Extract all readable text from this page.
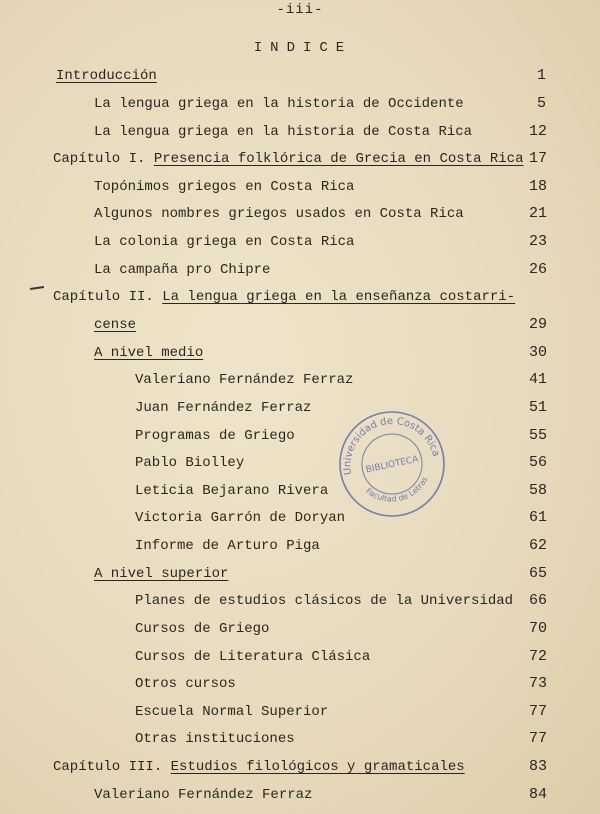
-iii-
INDICE
Introducción	1
La lengua griega en la historia de Occidente	5
La lengua griega en la historia de Costa Rica	12
Capítulo I. Presencia folklórica de Grecia en Costa Rica 17
Topónimos griegos en Costa Rica	18
Algunos nombres griegos usados en Costa Rica	21
La colonia griega en Costa Rica	23
La campaña pro Chipre	26
Capítulo II. La lengua griega en la enseñanza costarri-
cense	29
A nivel medio	30
Valeriano Fernández Ferraz	41
Juan Fernández Ferraz	51
Programas de Griego	55
Pablo Biolley	56
Leticia Bejarano Rivera	58
Victoria Garrón de Doryan	61
Informe de Arturo Piga	62
A nivel superior	65
Planes de estudios clásicos de la Universidad 66
Cursos de Griego	70
Cursos de Literatura Clásica	72
Otros cursos	73
Escuela Normal Superior	77
Otras instituciones	77
Capítulo III. Estudios filológicos y gramaticales	83
Valeriano Fernández Ferraz	84
Universidad de Costa Rica
Facultad de Letras
BIBLIOTECA
